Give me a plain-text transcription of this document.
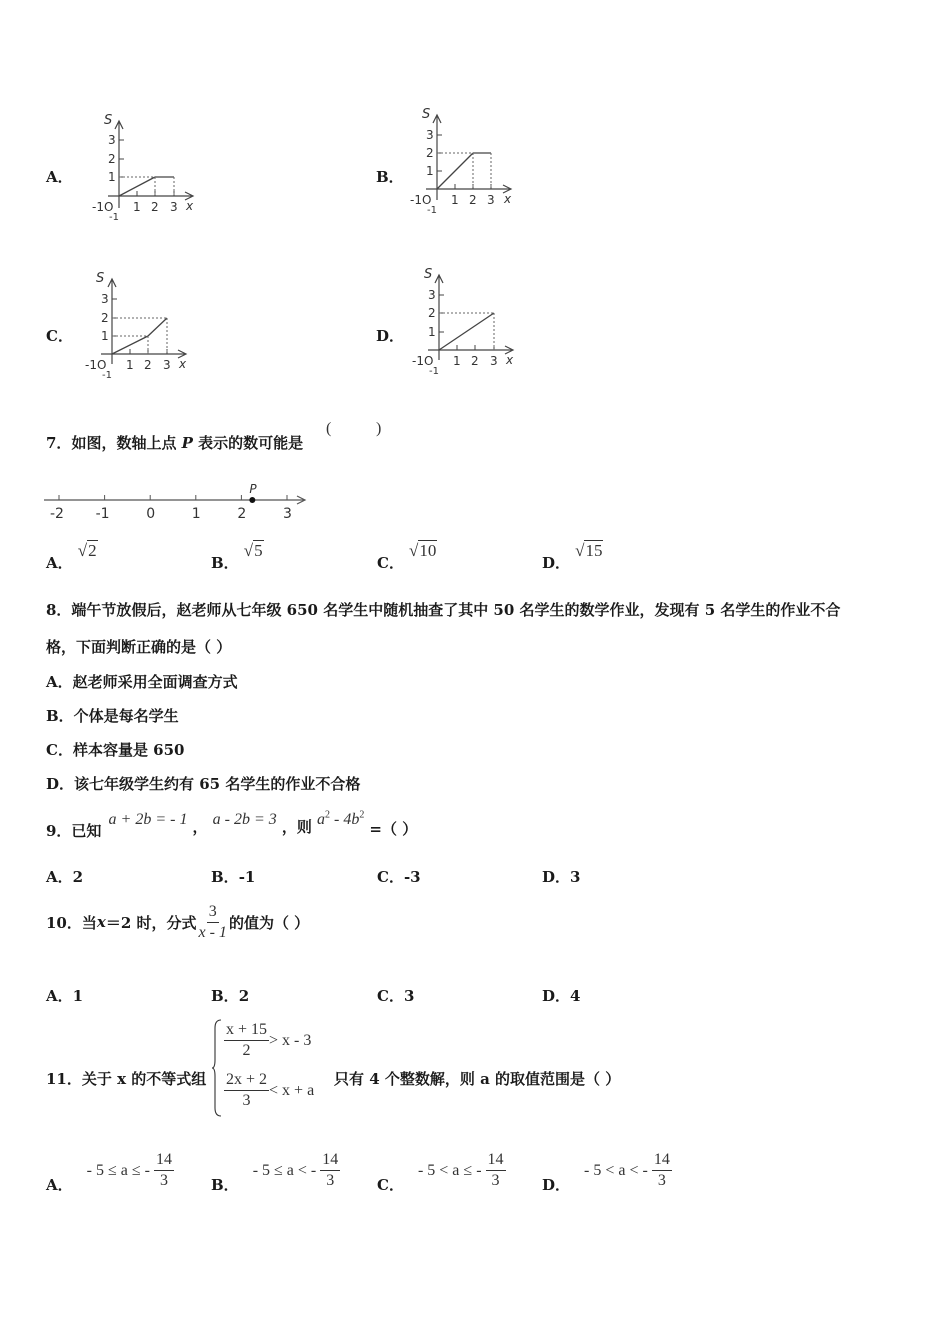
A．
S
x
3
2
1
1 2 3
-1O
-1
B．
S
x
3
2
1
1 2 3
-1O
-1
C．
S
x
3
2
1
1 2 3
-1O
-1
D．
S
x
3
2
1
1 2 3
-1O
-1
7．如图，数轴上点 P 表示的数可能是
(	)
-2 -1	0	1	2	3
P
A． √2
B． √5
C． √10
D． √15
8．端午节放假后，赵老师从七年级 650 名学生中随机抽查了其中 50 名学生的数学作业，发现有 5 名学生的作业不合
格，下面判断正确的是（ ）
A．赵老师采用全面调查方式
B．个体是每名学生
C．样本容量是 650
D．该七年级学生约有 65 名学生的作业不合格
9．已知 a + 2b = - 1 ， a - 2b = 3 ，则 $a^2 - 4b^2$ =（ ）
A．2	B．-1	C．-3	D．3
10．当 x ＝2 时，分式 $\frac{3}{x - 1}$ 的值为（ ）
A．1	B．2	C．3	D．4
11．关于 x 的不等式组
$\frac{x + 15}{2} > x - 3$
$\frac{2x + 2}{3} < x + a$
只有 4 个整数解，则 a 的取值范围是（ ）
A．
- 5 ≤ a ≤ - $\frac{14}{3}$ B．
- 5 ≤ a < - $\frac{14}{3}$ C．
- 5 < a ≤ - $\frac{14}{3}$ D．
- 5 < a < - $\frac{14}{3}$
